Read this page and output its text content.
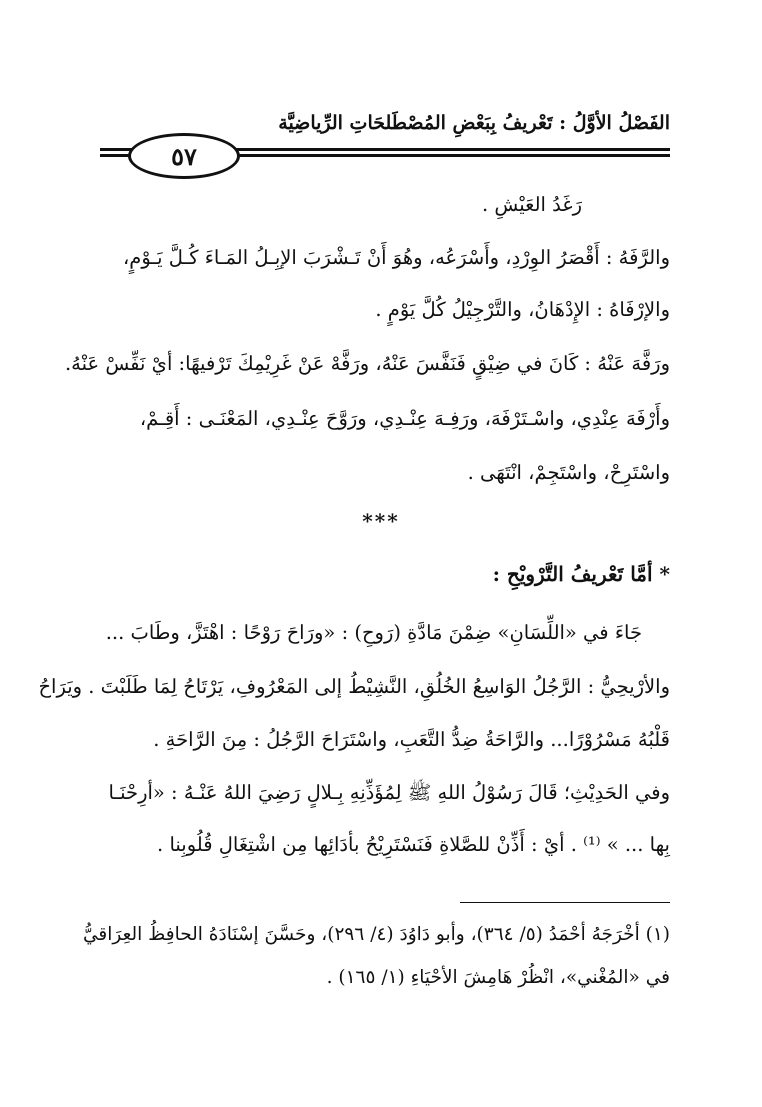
الفَصْلُ الأوَّلُ : تَعْريفُ بِبَعْضِ المُصْطَلحَاتِ الرِّياضِيَّة
٥٧
رَغَدُ العَيْشِ .
والرَّفَهُ : أَقْصَرُ الوِرْدِ، وأَسْرَعُه، وهُوَ أَنْ تَـشْرَبَ الإبِـلُ المَـاءَ كُـلَّ يَـوْمٍ،
والإرْفَاهُ : الإِدْهَانُ، والتَّرْجِيْلُ كُلَّ يَوْمٍ .
ورَفَّهَ عَنْهُ : كَانَ في ضِيْقٍ فَنَفَّسَ عَنْهُ، ورَفَّهْ عَنْ غَرِيْمِكَ تَرْفيهًا: أيْ نَفِّسْ عَنْهُ.
وأَرْفَهَ عِنْدِي، واسْـتَرْفَهَ، ورَفِـهَ عِنْـدِي، ورَوَّحَ عِنْـدِي، المَعْنَـى : أَقِـمْ،
واسْتَرِحْ، واسْتَجِمْ، انْتَهَى .
***
* أمَّا تَعْريفُ التَّرْويْحِ :
جَاءَ في «اللِّسَانِ» ضِمْنَ مَادَّةِ (رَوحِ) : «ورَاحَ رَوْحًا : اهْتَزَّ، وطَابَ ...
والأرْيحِيُّ : الرَّجُلُ الوَاسِعُ الخُلُقِ، النَّشِيْطُ إلى المَعْرُوفِ، يَرْتَاحُ لِمَا طَلَبْتَ . ويَرَاحُ
قَلْبُهُ مَسْرُوْرًا... والرَّاحَةُ ضِدُّ التَّعَبِ، واسْتَرَاحَ الرَّجُلُ : مِنَ الرَّاحَةِ .
وفي الحَدِيْثِ؛ قَالَ رَسُوْلُ اللهِ ﷺ لِمُؤَذِّنِهِ بِـلالٍ رَضِيَ اللهُ عَنْـهُ : «أرِحْنَـا
بِها ... » ⁽¹⁾ . أيْ : أَذِّنْ للصَّلاةِ فَنَسْتَرِيْحُ بأدَائِها مِن اشْتِغَالِ قُلُوبِنا .
(١) أخْرَجَهُ أحْمَدُ (٥/ ٣٦٤)، وأبو دَاوُدَ (٤/ ٢٩٦)، وحَسَّنَ إسْنَادَهُ الحافِظُ العِرَاقيُّ
في «المُغْني»، انْظُرْ هَامِشَ الأحْيَاءِ (١/ ١٦٥) .
